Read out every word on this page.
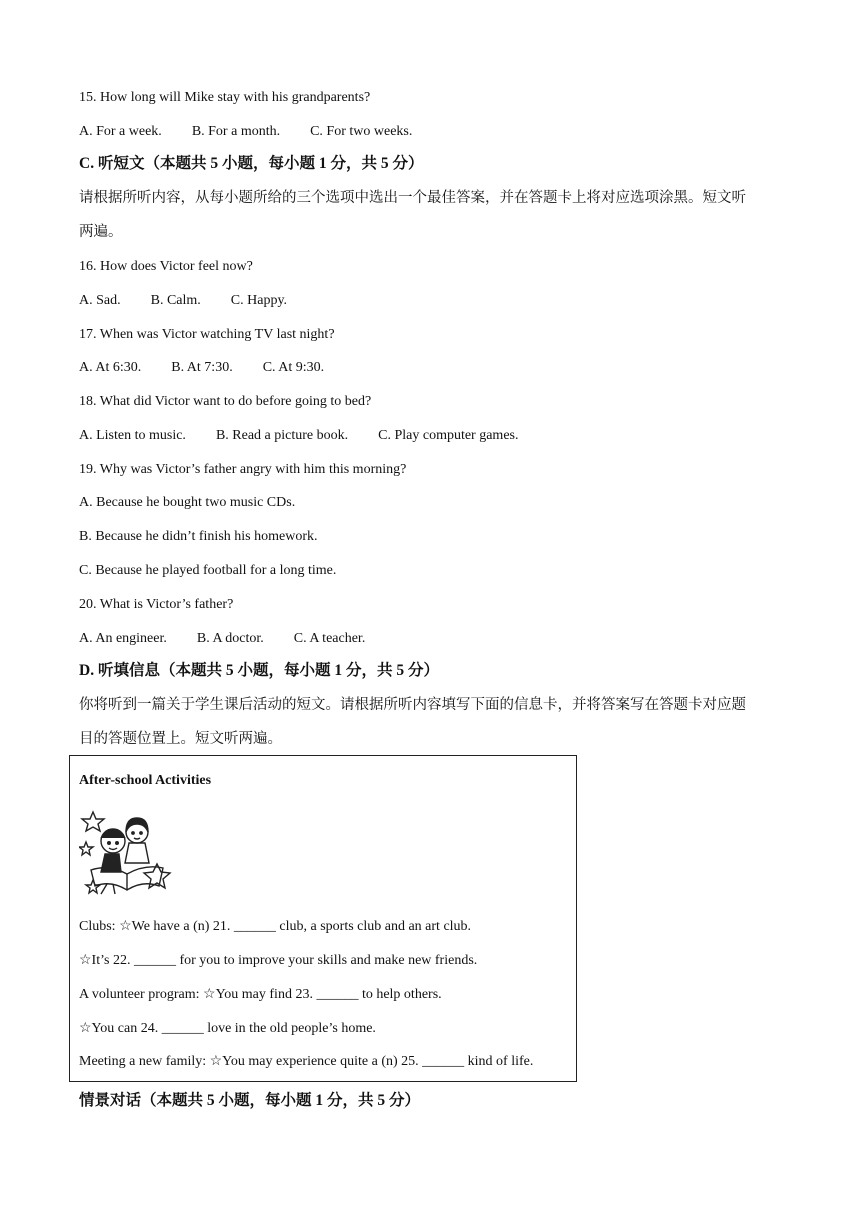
15. How long will Mike stay with his grandparents?
A. For a week. B. For a month. C. For two weeks.
C. 听短文（本题共 5 小题，每小题 1 分，共 5 分）
请根据所听内容，从每小题所给的三个选项中选出一个最佳答案，并在答题卡上将对应选项涂黑。短文听
两遍。
16. How does Victor feel now?
A. Sad. B. Calm. C. Happy.
17. When was Victor watching TV last night?
A. At 6:30. B. At 7:30. C. At 9:30.
18. What did Victor want to do before going to bed?
A. Listen to music. B. Read a picture book. C. Play computer games.
19. Why was Victor’s father angry with him this morning?
A. Because he bought two music CDs.
B. Because he didn’t finish his homework.
C. Because he played football for a long time.
20. What is Victor’s father?
A. An engineer. B. A doctor. C. A teacher.
D. 听填信息（本题共 5 小题，每小题 1 分，共 5 分）
你将听到一篇关于学生课后活动的短文。请根据所听内容填写下面的信息卡，并将答案写在答题卡对应题
目的答题位置上。短文听两遍。
After-school Activities
Clubs: ☆We have a (n) 21. ______ club, a sports club and an art club.
☆It’s 22. ______ for you to improve your skills and make new friends.
A volunteer program: ☆You may find 23. ______ to help others.
☆You can 24. ______ love in the old people’s home.
Meeting a new family: ☆You may experience quite a (n) 25. ______ kind of life.
情景对话（本题共 5 小题，每小题 1 分，共 5 分）
